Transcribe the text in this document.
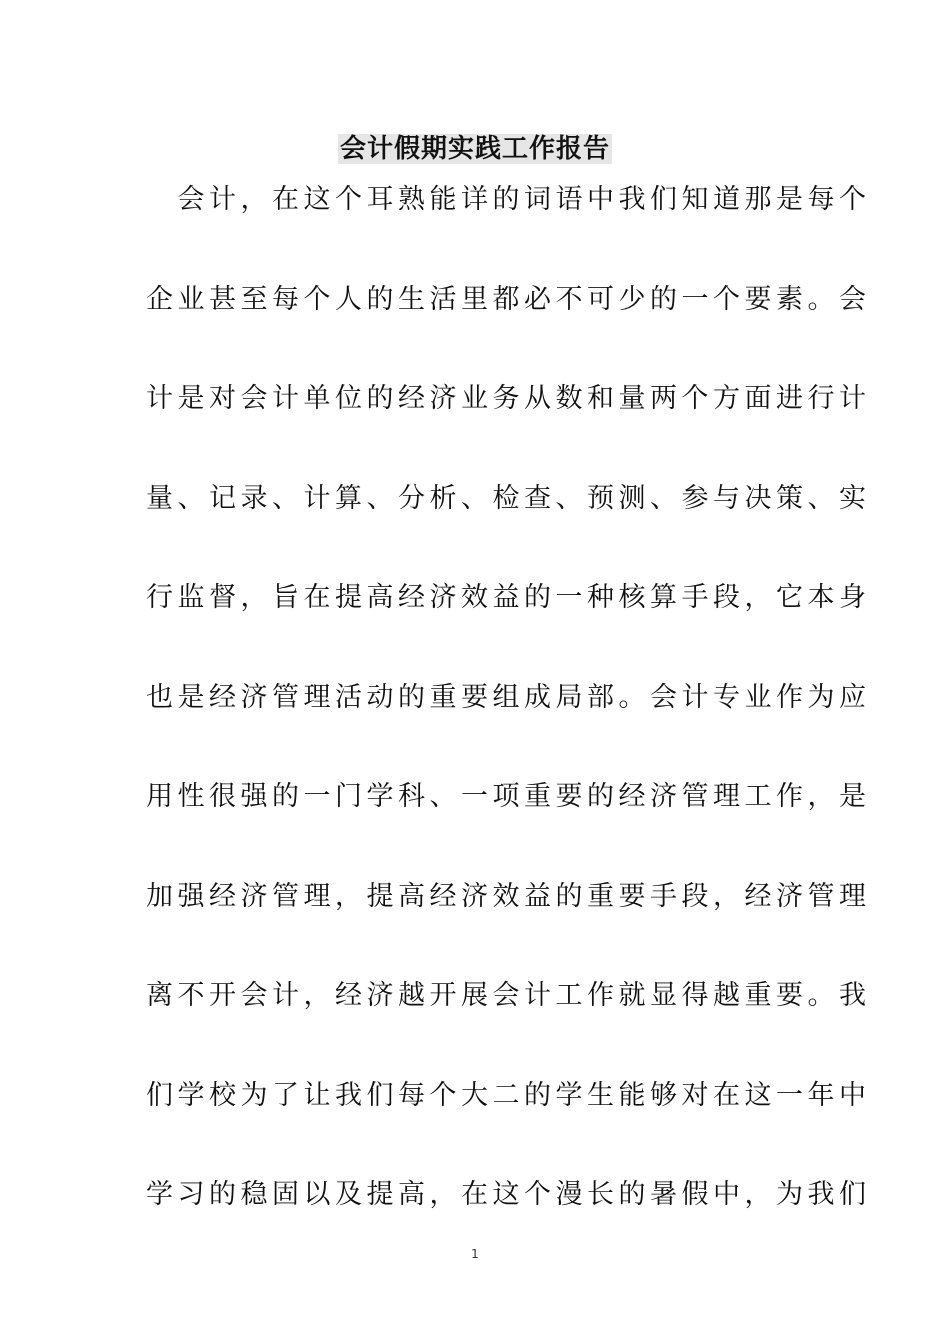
会计假期实践工作报告
　会计，在这个耳熟能详的词语中我们知道那是每个
企业甚至每个人的生活里都必不可少的一个要素。会
计是对会计单位的经济业务从数和量两个方面进行计
量、记录、计算、分析、检查、预测、参与决策、实
行监督，旨在提高经济效益的一种核算手段，它本身
也是经济管理活动的重要组成局部。会计专业作为应
用性很强的一门学科、一项重要的经济管理工作，是
加强经济管理，提高经济效益的重要手段，经济管理
离不开会计，经济越开展会计工作就显得越重要。我
们学校为了让我们每个大二的学生能够对在这一年中
学习的稳固以及提高，在这个漫长的暑假中，为我们
1
